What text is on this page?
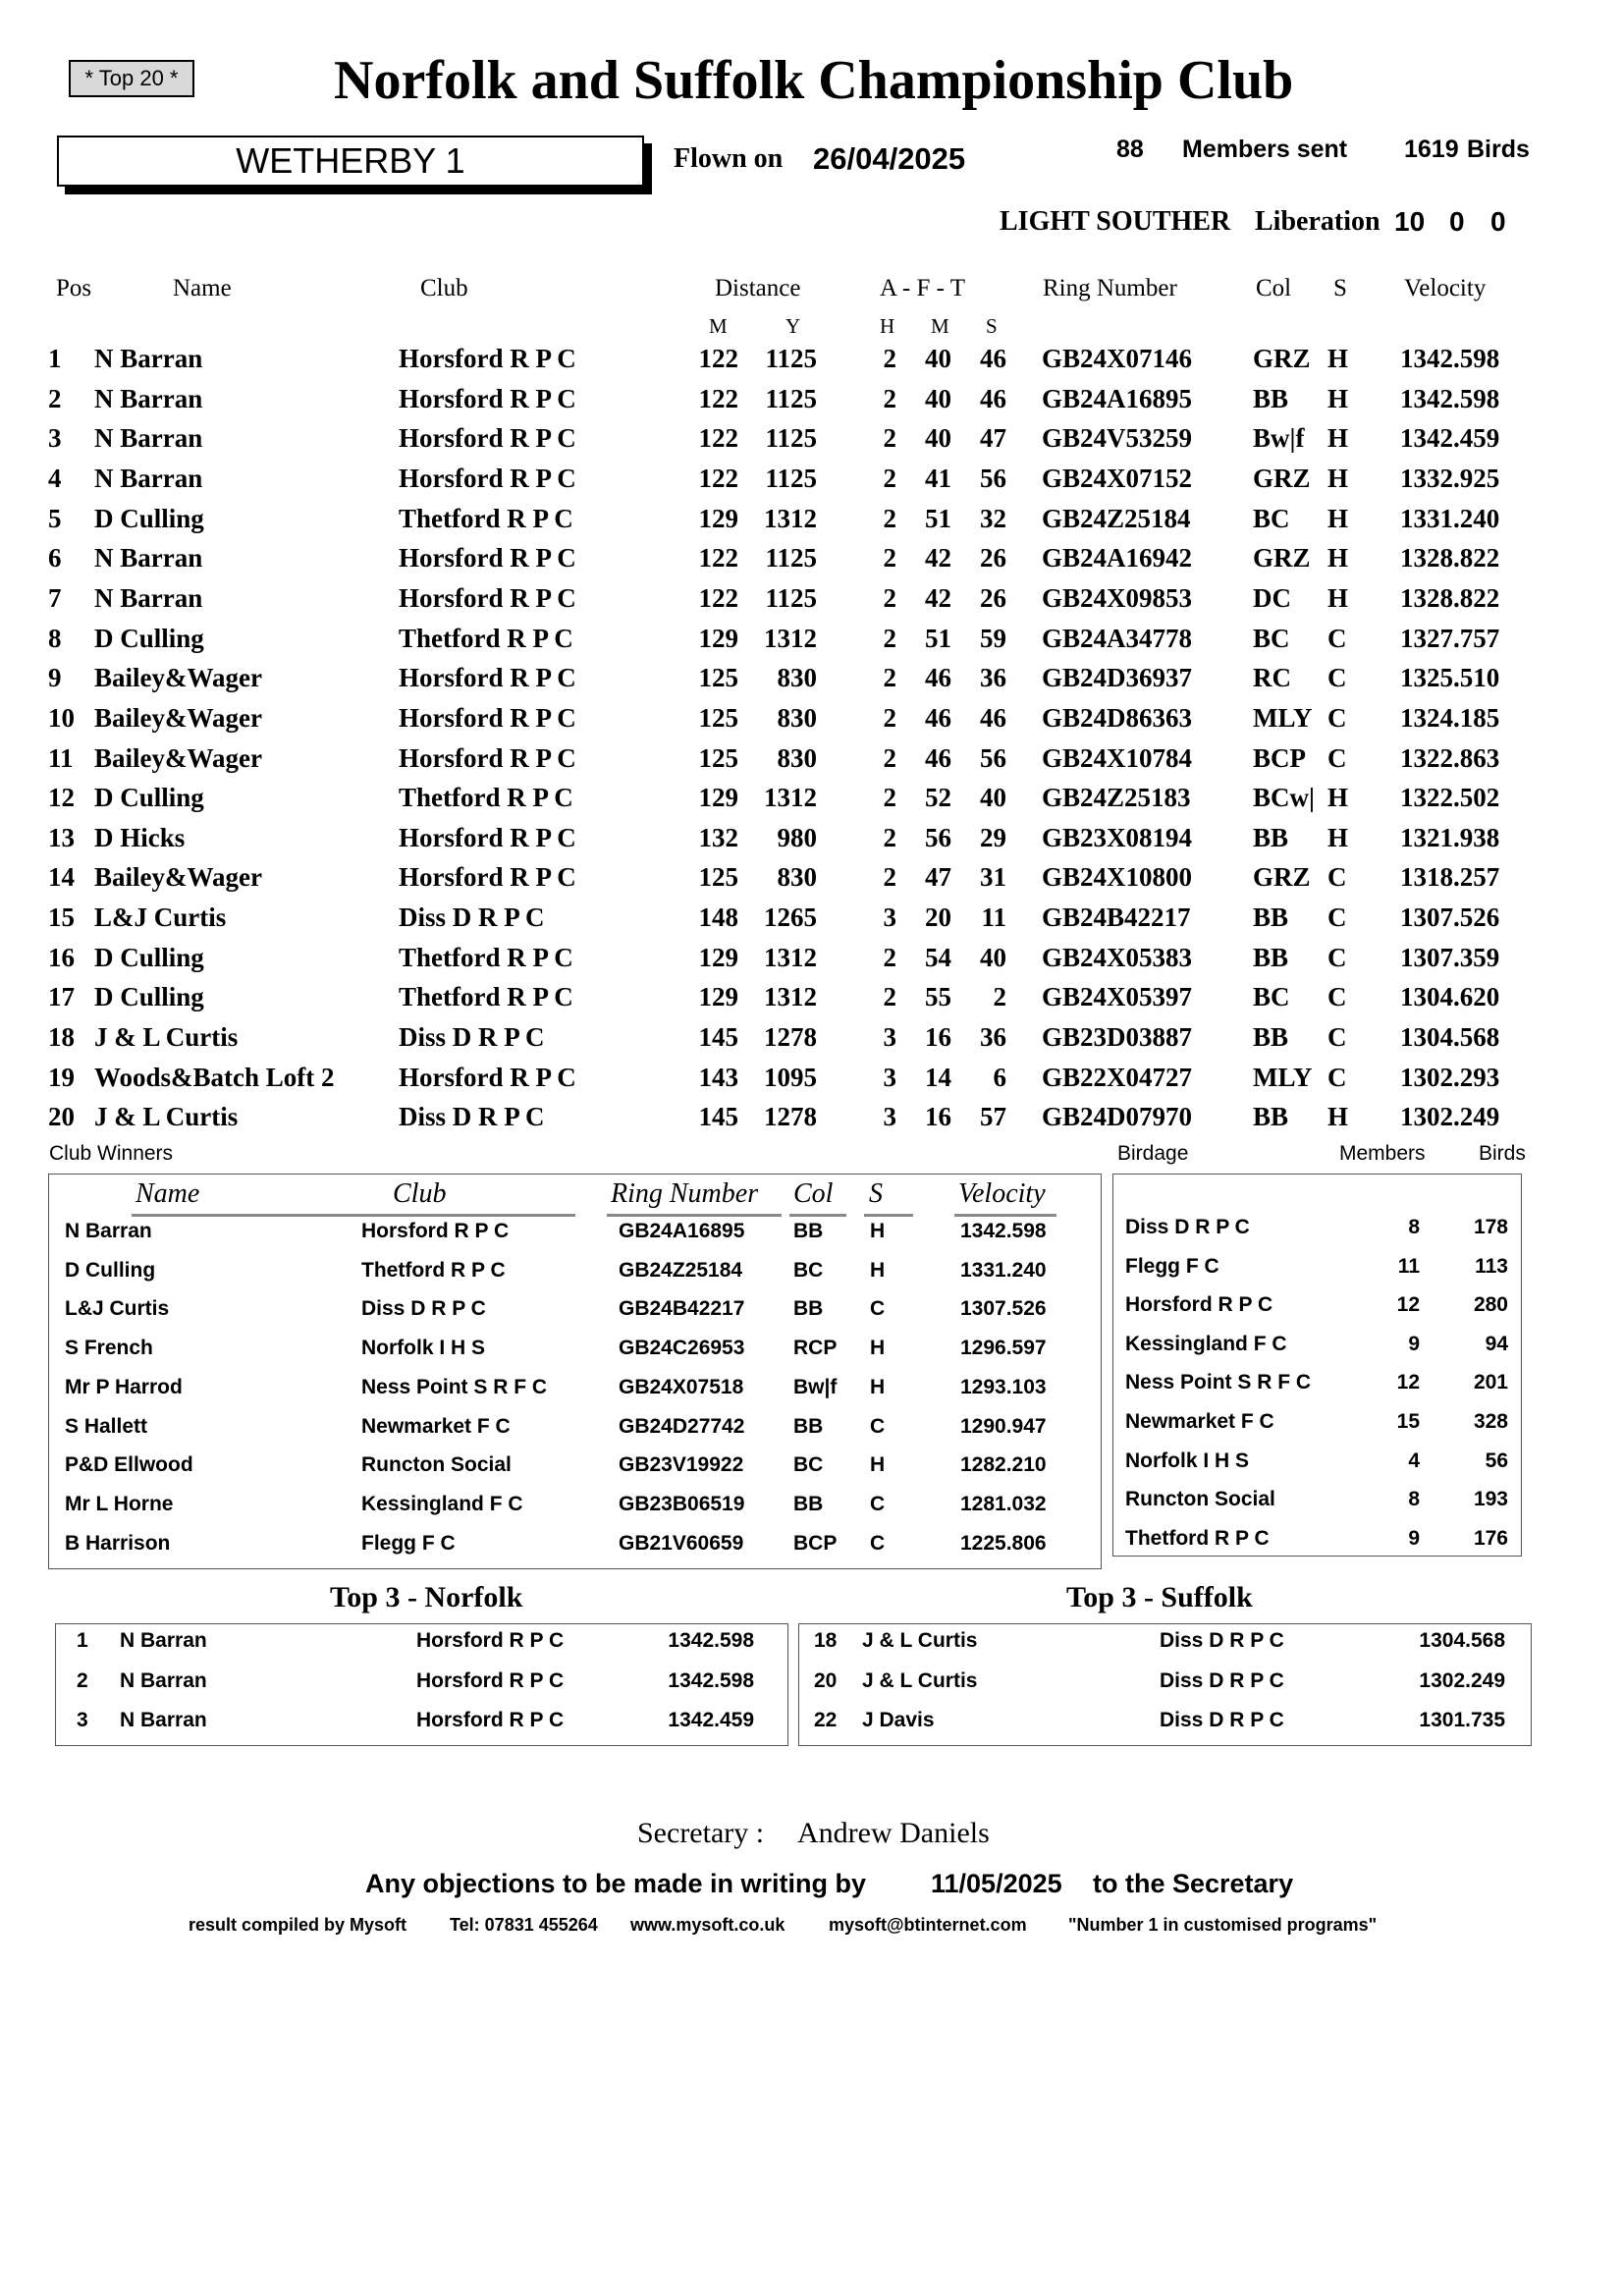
* Top 20 *	Norfolk and Suffolk Championship Club
WETHERBY 1	Flown on 26/04/2025	88 Members sent 1619 Birds
LIGHT SOUTHER Liberation 10 0 0
Pos	Name	Club	Distance	A - F - T	Ring Number	Col S Velocity
M	Y	H M S
1 N Barran	Horsford R P C	122 1125	2 40 46 GB24X07146 GRZ H 1342.598
2 N Barran	Horsford R P C	122 1125	2 40 46 GB24A16895 BB H 1342.598
3 N Barran	Horsford R P C	122 1125	2 40 47 GB24V53259 Bw|f H 1342.459
4 N Barran	Horsford R P C	122 1125	2 41 56 GB24X07152 GRZ H 1332.925
5 D Culling	Thetford R P C	129 1312	2 51 32 GB24Z25184 BC H 1331.240
6 N Barran	Horsford R P C	122 1125	2 42 26 GB24A16942 GRZ H 1328.822
7 N Barran	Horsford R P C	122 1125	2 42 26 GB24X09853 DC H 1328.822
8 D Culling	Thetford R P C	129 1312	2 51 59 GB24A34778 BC C 1327.757
9 Bailey&Wager	Horsford R P C	125 830	2 46 36 GB24D36937 RC C 1325.510
10 Bailey&Wager	Horsford R P C	125 830	2 46 46 GB24D86363 MLY C 1324.185
11 Bailey&Wager	Horsford R P C	125 830	2 46 56 GB24X10784 BCP C 1322.863
12 D Culling	Thetford R P C	129 1312	2 52 40 GB24Z25183 BCw| H 1322.502
13 D Hicks	Horsford R P C	132 980	2 56 29 GB23X08194 BB H 1321.938
14 Bailey&Wager	Horsford R P C	125 830	2 47 31 GB24X10800 GRZ C 1318.257
15 L&J Curtis	Diss D R P C	148 1265	3 20 11 GB24B42217 BB C 1307.526
16 D Culling	Thetford R P C	129 1312	2 54 40 GB24X05383 BB C 1307.359
17 D Culling	Thetford R P C	129 1312	2 55 2 GB24X05397 BC C 1304.620
18 J & L Curtis	Diss D R P C	145 1278	3 16 36 GB23D03887 BB C 1304.568
19 Woods&Batch Loft 2 Horsford R P C	143 1095	3 14 6 GB22X04727 MLY C 1302.293
20 J & L Curtis	Diss D R P C	145 1278	3 16 57 GB24D07970 BB H 1302.249
Club Winners
Name	Club	Ring Number Col S	Velocity
N Barran	Horsford R P C	GB24A16895 BB H	1342.598
D Culling	Thetford R P C	GB24Z25184 BC H	1331.240
L&J Curtis	Diss D R P C	GB24B42217 BB C	1307.526
S French	Norfolk I H S	GB24C26953 RCP H	1296.597
Mr P Harrod	Ness Point S R F C	GB24X07518 Bw|f H	1293.103
S Hallett	Newmarket F C	GB24D27742 BB C	1290.947
P&D Ellwood	Runcton Social	GB23V19922 BC H	1282.210
Mr L Horne	Kessingland F C	GB23B06519 BB C	1281.032
B Harrison	Flegg F C	GB21V60659 BCP C	1225.806
Birdage	Members	Birds
Diss D R P C	8	178
Flegg F C	11	113
Horsford R P C	12	280
Kessingland F C	9	94
Ness Point S R F C	12	201
Newmarket F C	15	328
Norfolk I H S	4	56
Runcton Social	8	193
Thetford R P C	9	176
Top 3 - Norfolk	Top 3 - Suffolk
1 N Barran	Horsford R P C	1342.598
2 N Barran	Horsford R P C	1342.598
3 N Barran	Horsford R P C	1342.459
18 J & L Curtis	Diss D R P C	1304.568
20 J & L Curtis	Diss D R P C	1302.249
22 J Davis	Diss D R P C	1301.735
Secretary : Andrew Daniels
Any objections to be made in writing by 11/05/2025 to the Secretary
result compiled by Mysoft Tel: 07831 455264 www.mysoft.co.uk mysoft@btinternet.com "Number 1 in customised programs"
